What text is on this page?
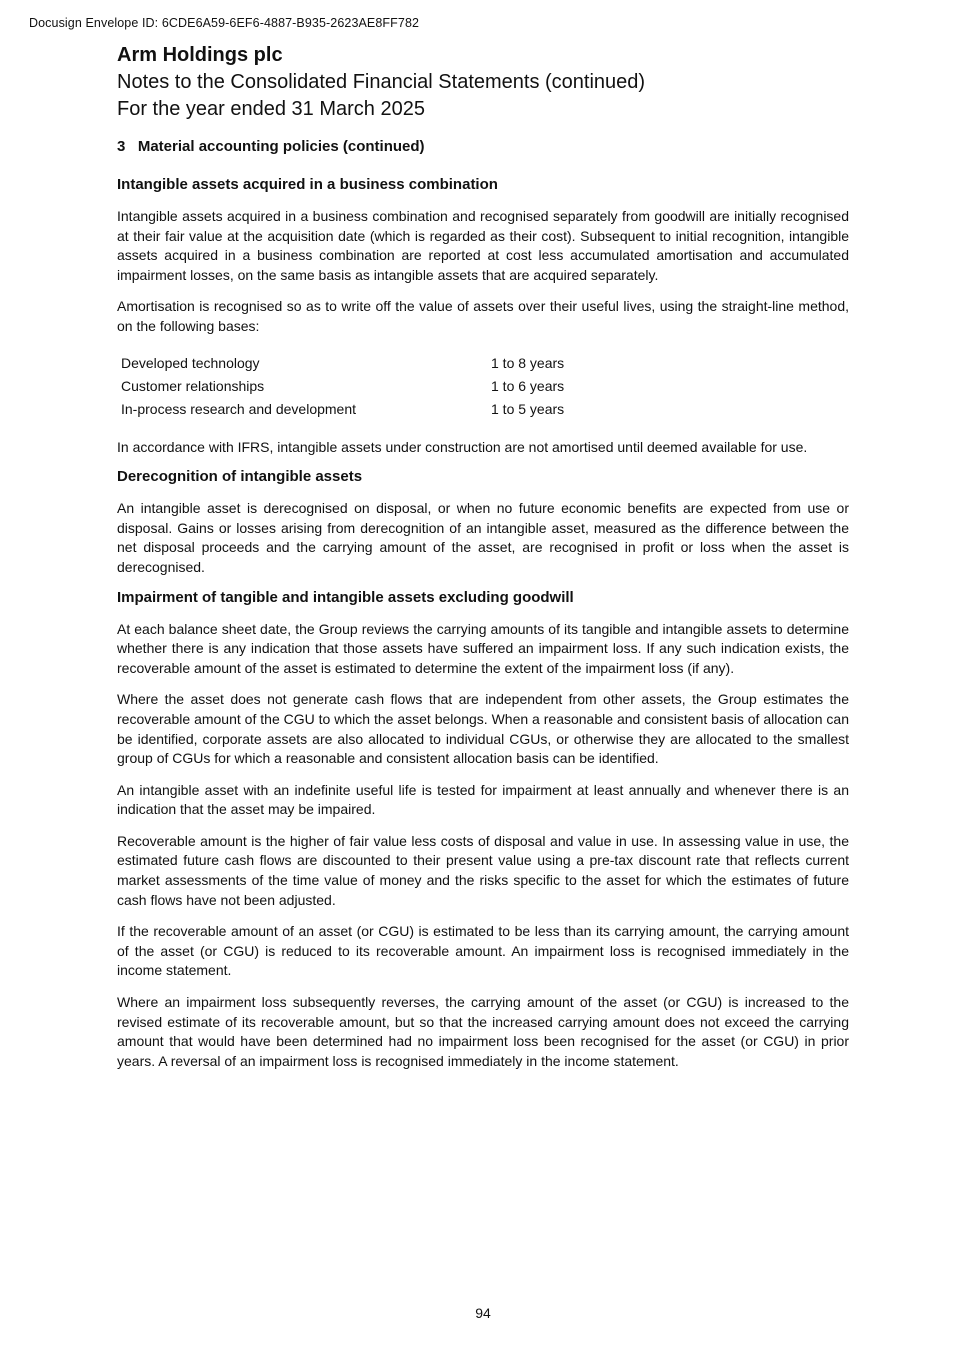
Docusign Envelope ID: 6CDE6A59-6EF6-4887-B935-2623AE8FF782
Arm Holdings plc
Notes to the Consolidated Financial Statements (continued)
For the year ended 31 March 2025
3   Material accounting policies (continued)
Intangible assets acquired in a business combination

Intangible assets acquired in a business combination and recognised separately from goodwill are initially recognised at their fair value at the acquisition date (which is regarded as their cost). Subsequent to initial recognition, intangible assets acquired in a business combination are reported at cost less accumulated amortisation and accumulated impairment losses, on the same basis as intangible assets that are acquired separately.

Amortisation is recognised so as to write off the value of assets over their useful lives, using the straight-line method, on the following bases:

Developed technology	1 to 8 years
Customer relationships	1 to 6 years
In-process research and development	1 to 5 years

In accordance with IFRS, intangible assets under construction are not amortised until deemed available for use.

Derecognition of intangible assets

An intangible asset is derecognised on disposal, or when no future economic benefits are expected from use or disposal. Gains or losses arising from derecognition of an intangible asset, measured as the difference between the net disposal proceeds and the carrying amount of the asset, are recognised in profit or loss when the asset is derecognised.

Impairment of tangible and intangible assets excluding goodwill

At each balance sheet date, the Group reviews the carrying amounts of its tangible and intangible assets to determine whether there is any indication that those assets have suffered an impairment loss. If any such indication exists, the recoverable amount of the asset is estimated to determine the extent of the impairment loss (if any).

Where the asset does not generate cash flows that are independent from other assets, the Group estimates the recoverable amount of the CGU to which the asset belongs. When a reasonable and consistent basis of allocation can be identified, corporate assets are also allocated to individual CGUs, or otherwise they are allocated to the smallest group of CGUs for which a reasonable and consistent allocation basis can be identified.

An intangible asset with an indefinite useful life is tested for impairment at least annually and whenever there is an indication that the asset may be impaired.

Recoverable amount is the higher of fair value less costs of disposal and value in use. In assessing value in use, the estimated future cash flows are discounted to their present value using a pre-tax discount rate that reflects current market assessments of the time value of money and the risks specific to the asset for which the estimates of future cash flows have not been adjusted.

If the recoverable amount of an asset (or CGU) is estimated to be less than its carrying amount, the carrying amount of the asset (or CGU) is reduced to its recoverable amount. An impairment loss is recognised immediately in the income statement.

Where an impairment loss subsequently reverses, the carrying amount of the asset (or CGU) is increased to the revised estimate of its recoverable amount, but so that the increased carrying amount does not exceed the carrying amount that would have been determined had no impairment loss been recognised for the asset (or CGU) in prior years. A reversal of an impairment loss is recognised immediately in the income statement.

94
